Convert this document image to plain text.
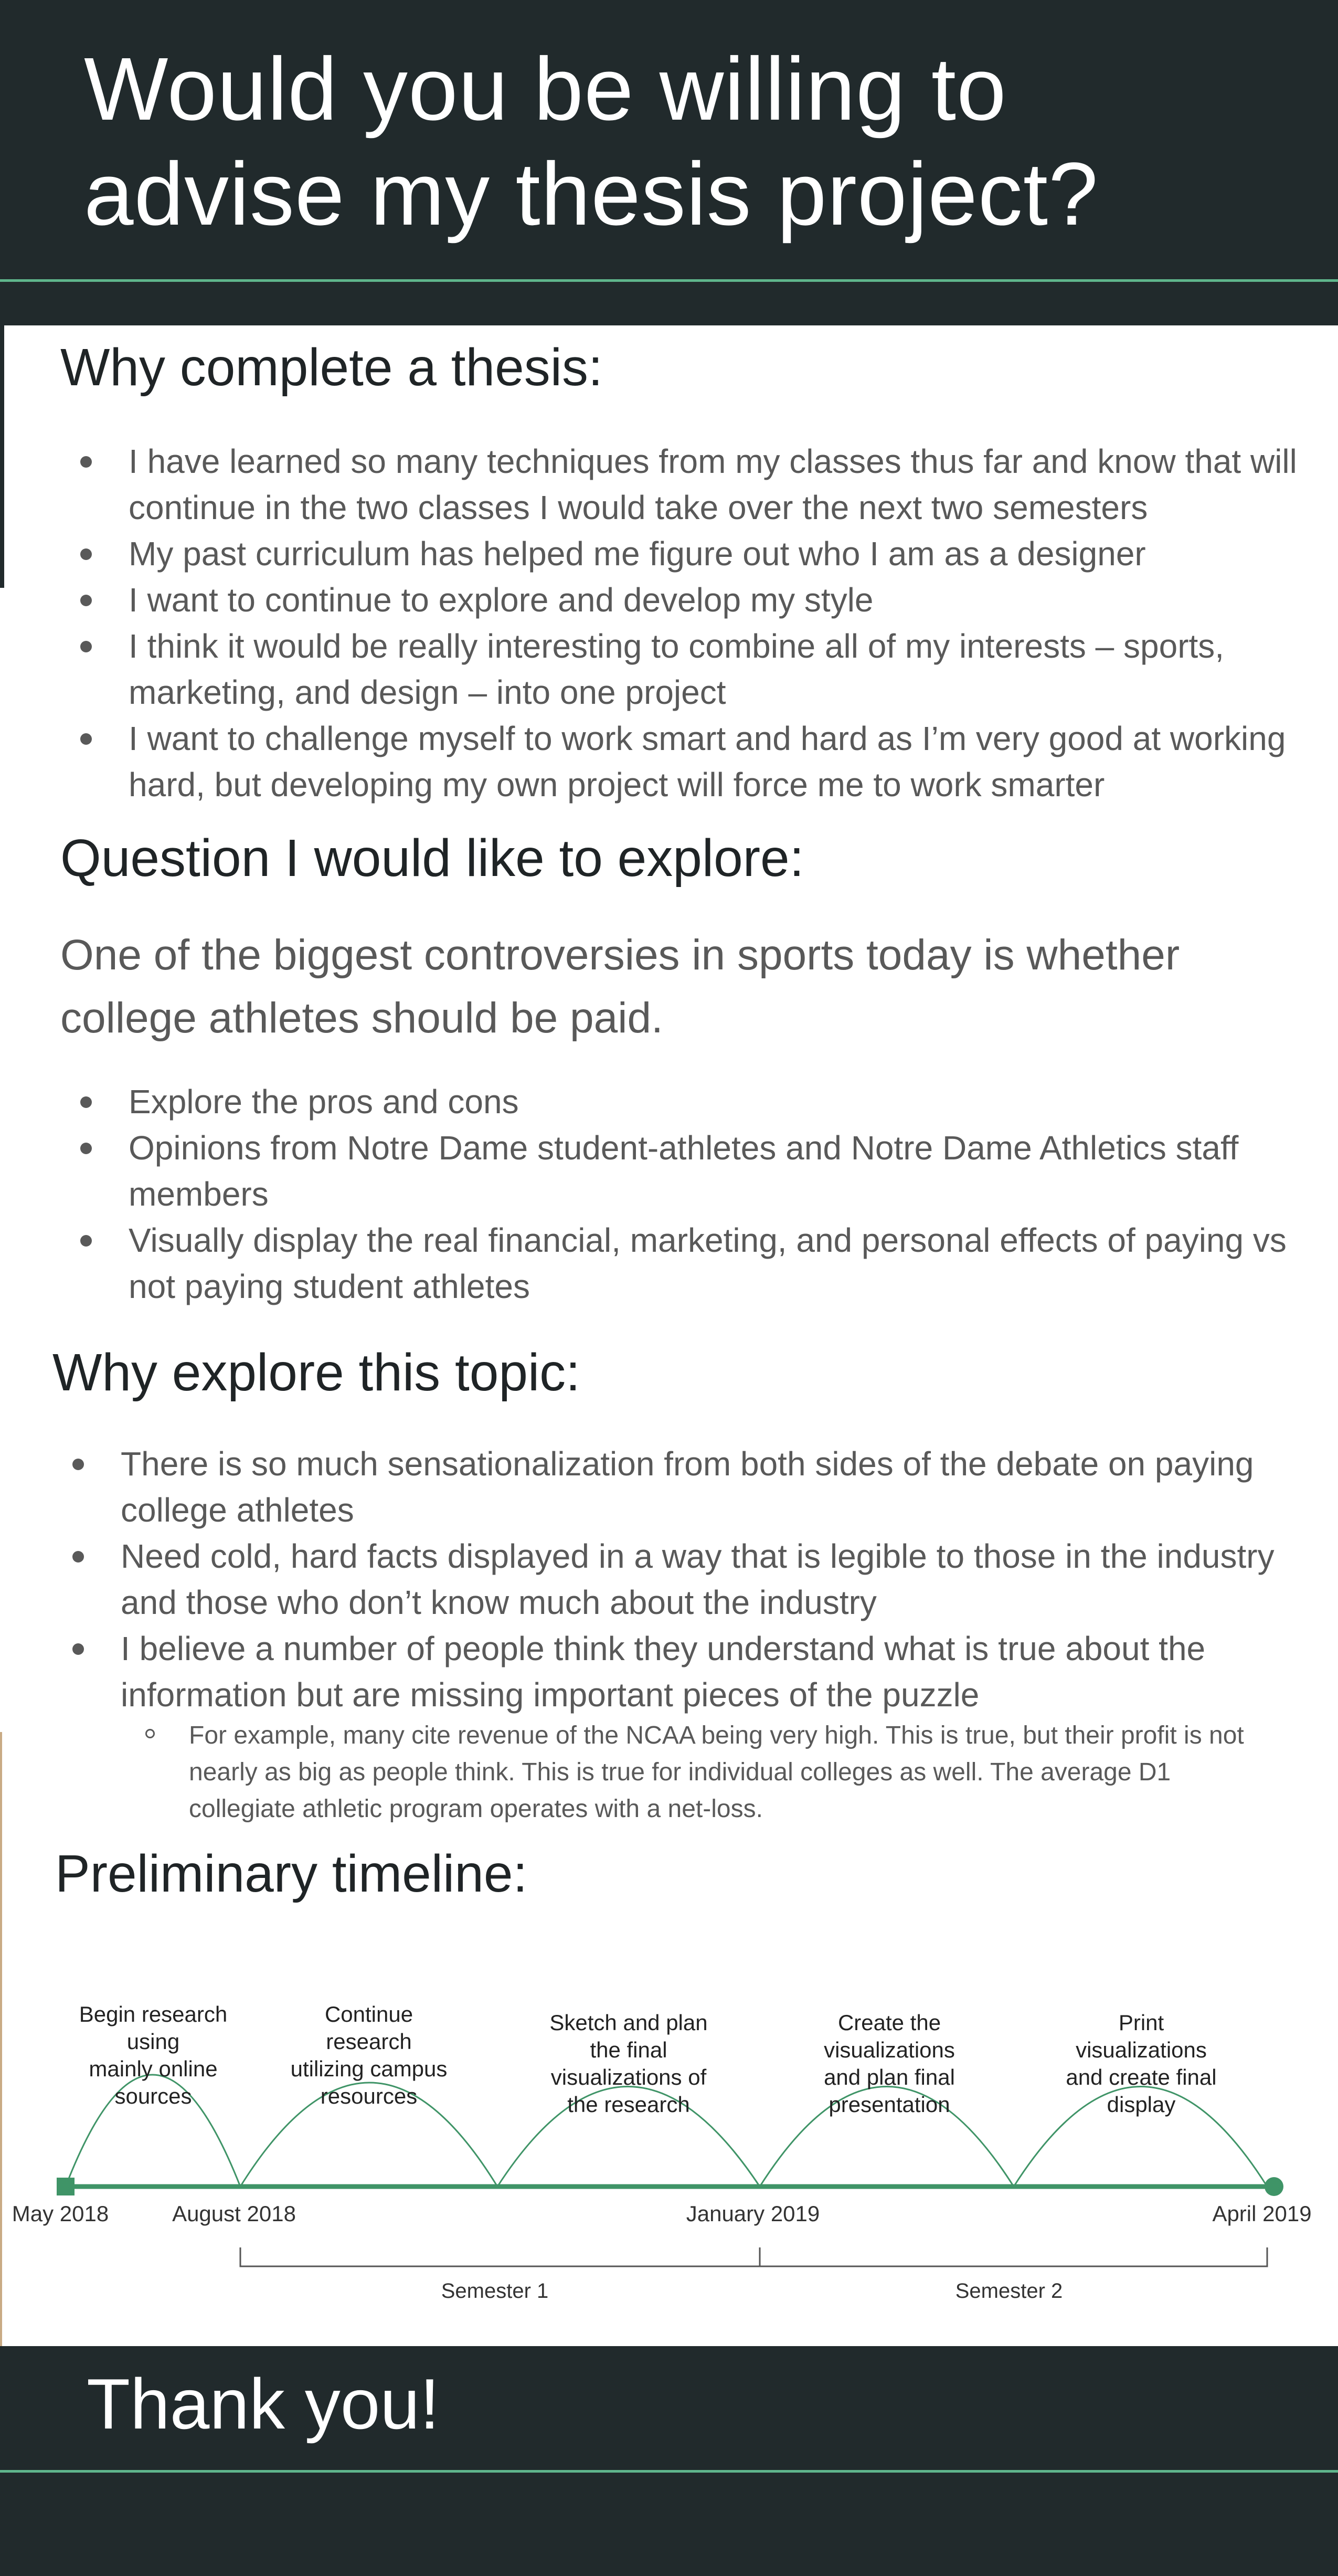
Would you be willing to
advise my thesis project?
Why complete a thesis:
I have learned so many techniques from my classes thus far and know that will continue in the two classes I would take over the next two semesters
My past curriculum has helped me figure out who I am as a designer
I want to continue to explore and develop my style
I think it would be really interesting to combine all of my interests – sports, marketing, and design – into one project
I want to challenge myself to work smart and hard as I’m very good at working hard, but developing my own project will force me to work smarter
Question I would like to explore:
One of the biggest controversies in sports today is whether college athletes should be paid.
Explore the pros and cons
Opinions from Notre Dame student-athletes and Notre Dame Athletics staff members
Visually display the real financial, marketing, and personal effects of paying vs not paying student athletes
Why explore this topic:
There is so much sensationalization from both sides of the debate on paying college athletes
Need cold, hard facts displayed in a way that is legible to those in the industry and those who don’t know much about the industry
I believe a number of people think they understand what is true about the information but are missing important pieces of the puzzle
For example, many cite revenue of the NCAA being very high. This is true, but their profit is not nearly as big as people think. This is true for individual colleges as well. The average D1 collegiate athletic program operates with a net-loss.
Preliminary timeline:
Begin research
using
mainly online
sources
Continue
research
utilizing campus
resources
Sketch and plan
the final
visualizations of
the research
Create the
visualizations
and plan final
presentation
Print
visualizations
and create final
display
May 2018	August 2018	January 2019	April 2019
Semester 1	Semester 2
Thank you!
